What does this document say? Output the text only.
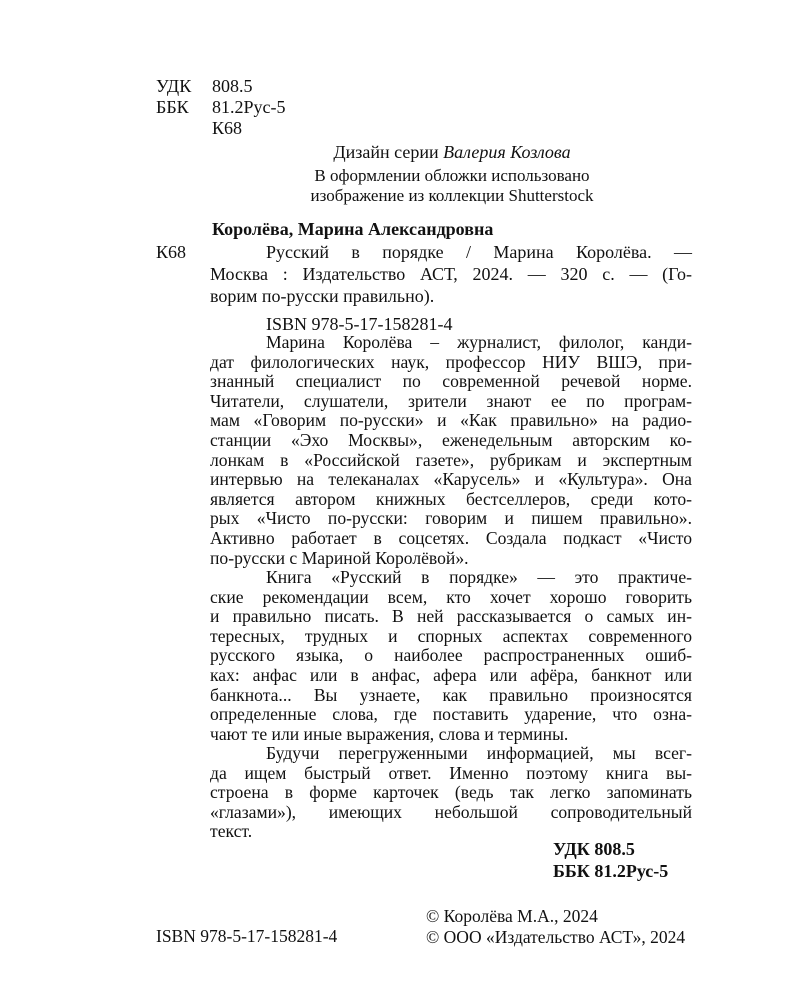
УДК	808.5
ББК	81.2Рус-5
К68
Дизайн серии Валерия Козлова
В оформлении обложки использовано
изображение из коллекции Shutterstock
Королёва, Марина Александровна
К68	Русский в порядке / Марина Королёва. —
Москва : Издательство АСТ, 2024. — 320 с. — (Го-
ворим по-русски правильно).
ISBN 978-5-17-158281-4
Марина Королёва – журналист, филолог, канди-
дат филологических наук, профессор НИУ ВШЭ, при-
знанный специалист по современной речевой норме.
Читатели, слушатели, зрители знают ее по програм-
мам «Говорим по-русски» и «Как правильно» на радио-
станции «Эхо Москвы», еженедельным авторским ко-
лонкам в «Российской газете», рубрикам и экспертным
интервью на телеканалах «Карусель» и «Культура». Она
является автором книжных бестселлеров, среди кото-
рых «Чисто по-русски: говорим и пишем правильно».
Активно работает в соцсетях. Создала подкаст «Чисто
по-русски с Мариной Королёвой».
Книга «Русский в порядке» — это практиче-
ские рекомендации всем, кто хочет хорошо говорить
и правильно писать. В ней рассказывается о самых ин-
тересных, трудных и спорных аспектах современного
русского языка, о наиболее распространенных ошиб-
ках: анфас или в анфас, афера или афёра, банкнот или
банкнота... Вы узнаете, как правильно произносятся
определенные слова, где поставить ударение, что озна-
чают те или иные выражения, слова и термины.
Будучи перегруженными информацией, мы всег-
да ищем быстрый ответ. Именно поэтому книга вы-
строена в форме карточек (ведь так легко запоминать
«глазами»), имеющих небольшой сопроводительный
текст.
УДК 808.5
ББК 81.2Рус-5
ISBN 978-5-17-158281-4
© Королёва М.А., 2024
© ООО «Издательство АСТ», 2024
